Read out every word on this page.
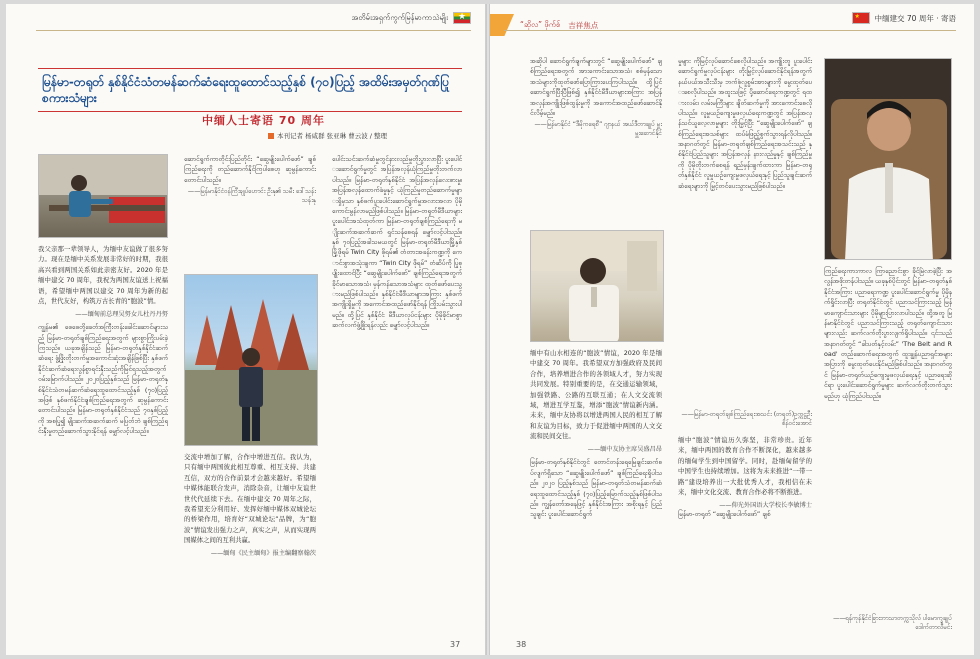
အတိမ်းအရှက်ကွက်မြန်မာကာသဲမျိုး
★
မြန်မာ-တရုတ် နှစ်နိုင်ငံသံတမန်ဆက်ဆံရေးထူထောင်သည့်နှစ် (၇၀)ပြည့် အထိမ်းအမှတ်ဂုဏ်ပြု စကားသံများ
中缅人士寄语 70 周年
本刊记者 杨咸群 张亚琳 曹云波 / 整理
我父亲那一辈领导人，为缅中友谊做了很多努力。现在是缅中关系发展非常好的时期，我很高兴看到两国关系如此亲密友好。2020 年是缅中建交 70 周年，我祝为两国友谊送上祝福语，希望缅中两国以建交 70 周年为新的起点，世代友好，构筑万古长青的“胞波”情。
——缅甸前总理吴努女儿杜丹丹努
ကျွန်မ၏ ဖေဖေတို့ခေတ်အကြီးတန်းခေါင်းဆောင်များသည် မြန်မာ-တရုတ်ချစ်ကြည်ရေးအတွက် များစွာကြိုးပမ်းခဲ့ကြသည်။ ယခုအချိန်သည် မြန်မာ-တရုတ်နှစ်နိုင်ငံဆက်ဆံရေး ဖွံ့ဖြိုးတိုးတက်မှုအကောင်းဆုံးအချိန်ဖြစ်ပြီး နှစ်ဖက်နိုင်ငံဆက်ဆံရေးလွန်စွာရင်းနှီးသည်ကိုမြင်ရသည့်အတွက် ဝမ်းမြောက်ပါသည်။ ၂၀၂၀ပြည့်နှစ်သည် မြန်မာ-တရုတ်နှစ်နိုင်ငံသံတမန်ဆက်ဆံရေးထူထောင်သည့်နှစ် (၇၀)ပြည့်အဖြစ် နှစ်ဖက်နိုင်ငံချစ်ကြည်ရေးအတွက် ဆုမွန်ကောင်းတောင်းပါသည်။ မြန်မာ-တရုတ်နှစ်နိုင်ငံသည် ၇၀နှစ်ပြည့်ကို အစပြု၍ မျိုးဆက်အဆက်ဆက် မပြတ်ဘဲ ချစ်ကြည်ရင်းနှီးမှုတည်ဆောက်သွားနိုင်ရန် မျှော်လင့်ပါသည်။
ဆောင်ရွက်ကာတိုင်းပြည်တိုင်း “ဆွေမျိုးပေါက်ဖော်” ချစ်ကြည်ရေးကို တည်ဆောက်နိုင်ကြပါစေဟု ဆုမွန်ကောင်းတောင်းပါသည်။
——မြန်မာနိုင်ငံဝန်ကြီးချုပ်ဟောင်း ဦးနု၏ သမီး ဒေါ်သန်းသန်းနု
交流中增加了解，合作中增进互信。我认为，只有缅中两国彼此相互尊重、相互支持、共建互信，双方的合作前景才会越来越好。希望缅中媒体能联合发声，消除杂音，让缅中友谊世世代代延续下去。在缅中建交 70 周年之际，我希望充分利用好、发挥好缅中媒体双城论坛的桥梁作用，培育好“双城论坛”品牌，为“胞波”情谊发出强力之声，真实之声，从而实现两国媒体之间的互利共赢。
——缅甸《民主缅甸》报主编翻察翰茨
ပေါင်းသင်းဆက်ဆံမှုတွင်နားလည်မှုတိုးပွားလာပြီး ပူးပေါင်းဆောင်ရွက်မှုတွင် အပြန်အလှန်ယုံကြည်မှုတိုးတက်လာပါသည်။ မြန်မာ-တရုတ်နှစ်နိုင်ငံ အပြန်အလှန်လေးစားမှု၊ အပြန်အလှန်ထောက်ခံမှုနှင့် ယုံကြည်မှုတည်ဆောက်မှုများရှိမှသာ နှစ်ဖက်ပူးပေါင်းဆောင်ရွက်မှုအလားအလာ ပိုမိုကောင်းမွန်လာမည်ဖြစ်ပါသည်။ မြန်မာ-တရုတ်မီဒီယာများ ပူးပေါင်းအသံထုတ်ကာ မြန်မာ-တရုတ်ချစ်ကြည်ရေးကို မျိုးဆက်အဆက်ဆက် ရှင်သန်စေရန် မျှော်လင့်ပါသည်။ နှစ် ၇၀ပြည့်အခါသမယတွင် မြန်မာ-တရုတ်မီဒီယာမြို့နှစ်မြို့ဖိုရမ် Twin City ဖိုရမ်၏ တံတားအခန်းကဏ္ဍကို ကောင်းစွာအသုံးချကာ “Twin City ဖိုရမ်” တံဆိပ်ကို ပြုစုပျိုးထောင်ပြီး “ဆွေမျိုးပေါက်ဖော်” ချစ်ကြည်ရေးအတွက် ခိုင်မာသောအသံ၊ မှန်ကန်သောအသံများ ထုတ်ဖော်ပေးသွားမည်ဖြစ်ပါသည်။ နှစ်နိုင်ငံမီဒီယာများအကြား နှစ်ဖက်အကျိုးရှိမှုကို အကောင်အထည်ဖော်နိုင်ရန် ကြိုးပမ်းသွားပါမည်။ ထို့ပြင် နှစ်နိုင်ငံ မီဒီယာလုပ်ငန်းများ ပိုမိုခိုင်မာစွာ ဆက်လက်ဖွံ့ဖြိုးရန်လည်း မျှော်လင့်ပါသည်။
37
“ဆိုလ” ဖိုက်စ် 吉祥焦点
★
中缅建交 70 周年 · 寄语
အဆိုပါ ဆောင်ရွက်ချက်များတွင် “ဆွေမျိုးပေါက်ဖော်” ချစ်ကြည်ရေးအတွက် အားကောင်းသောအသံ၊ စစ်မှန်သောအသံများကိုထုတ်ဖော်ပြောကြားပေးကြပါသည်။ ထို့ပြင် ဆောင်ရွက်ပြီးပြီဖြစ်၍ နှစ်နိုင်ငံမီဒီယာများအကြား အပြန်အလှန်အကျိုးဖြစ်ထွန်းမှုကို အကောင်အထည်ဖော်ဆောင်နိုင်လိမ့်မည်။
——မြန်မာနိုင်ငံ “ဒီမိုကရေစီ” ဂျာနယ် အယ်ဒီတာချုပ် မှူးမှူးဆောင်နိုင်
缅中有山水相连的“胞波”情谊，2020 年是缅中建交 70 周年。我希望双方加强政府及民间合作，培养增进合作的各领域人才，努力实现共同发展。特别重要的是，在交通运输领域，加强铁路、公路的互联互通；在人文交流领域，增进互学互鉴，增添“胞波”情谊新内涵。未来，缅中友协将以增进两国人民的相互了解和友谊为目标，致力于促进缅中两国的人文交流和民间交往。
——缅中友协主席吴盛昌昂
မြန်မာ-တရုတ်နှစ်နိုင်ငံတွင် တောင်တန်းရေမြေချင်းဆက်စပ်လျက်ရှိသော “ဆွေမျိုးပေါက်ဖော်” ချစ်ကြည်ရေးရှိပါသည်။ ၂၀၂၀ ပြည့်နှစ်သည် မြန်မာ-တရုတ်သံတမန်ဆက်ဆံရေးထူထောင်သည့်နှစ် (၇၀)ပြည့်မြောက်သည့်နှစ်ဖြစ်ပါသည်။ ကျွန်တော်အနေဖြင့် နှစ်နိုင်ငံအကြား အစိုးရနှင့် ပြည်သူချင်း ပူးပေါင်းဆောင်ရွက်
မှုများ ကိုမြင့်လုပ်ဆောင်စေလိုပါသည်။ အကျိုးတူ ပူးပေါင်းဆောင်ရွက်မှုလုပ်ငန်းများ တိုးမြှင့်လုပ်ဆောင်နိုင်ရန်အတွက် နယ်ပယ်အသီးသီးမှ ဘက်စုံလူစွမ်းအားများကို မွေးထုတ်ပေးစေလိုပါသည်။ အထူးသဖြင့် ပို့ဆောင်ရေးကဏ္ဍတွင် ရထားလမ်း၊ လမ်းမကြီးများ ချိတ်ဆက်မှုကို အားကောင်းစေလိုပါသည်။ လူမှုယဉ်ကျေးမှုဖလှယ်ရေးကဏ္ဍတွင် အပြန်အလှန်သင်ယူလေ့လာမှုများ တိုးမြှင့်ပြီး “ဆွေမျိုးပေါက်ဖော်” ချစ်ကြည်ရေးအသစ်များ ထပ်မံဖြည့်စွက်သွားရန်လိုပါသည်။ အနာဂတ်တွင် မြန်မာ-တရုတ်ချစ်ကြည်ရေးအသင်းသည် နှစ်နိုင်ငံပြည်သူများ အပြန်အလှန် နားလည်မှုနှင့် ချစ်ကြည်မှုကို ပိုမိုတိုးတက်စေရန် ရည်မှန်းချက်ထားကာ မြန်မာ-တရုတ်နှစ်နိုင်ငံ လူမှုယဉ်ကျေးမှုဖလှယ်ရေးနှင့် ပြည်သူချင်းဆက်ဆံရေးများကို မြှင့်တင်ပေးသွားမည်ဖြစ်ပါသည်။
——မြန်မာ-တရုတ်ချစ်ကြည်ရေးအသင်း (တရုတ်)ဥက္ကဋ္ဌဦးစိန်ဝင်းအောင်
缅中“胞波”情谊历久弥坚，非常珍贵。近年来，缅中两国的教育合作不断深化，越来越多的缅甸学生到中国留学。同时，赴缅甸留学的中国学生也持续增加。这将为未来推进“一带一路”建设培养出一大批优秀人才，我相信在未来，缅中文化交流、教育合作必将不断推进。
——仰光外国语大学校长李敏博士
မြန်မာ-တရုတ် “ဆွေမျိုးပေါက်ဖော်” ချစ်
ကြည်ရေးကားကာလ ကြာညောင်းစွာ ခိုင်မြဲလာခဲ့ပြီး အလွန်အဖိုးတန်ပါသည်။ ယခုနှစ်ပိုင်းတွင် မြန်မာ-တရုတ်နှစ်နိုင်ငံအကြား ပညာရေးကဏ္ဍ ပူးပေါင်းဆောင်ရွက်မှု ပိုမိုနက်ရှိုင်းလာပြီး တရုတ်နိုင်ငံတွင် ပညာသင်ကြားသည့် မြန်မာကျောင်းသားများ ပိုမိုများပြားလာပါသည်။ ထို့အတူ မြန်မာနိုင်ငံတွင် ပညာသင်ကြားသည့် တရုတ်ကျောင်းသားများလည်း ဆက်လက်တိုးပွားလျက်ရှိပါသည်။ ၎င်းသည် အနာဂတ်တွင် “ခါးပတ်နှင့်လမ်း” 'The Belt and Road' တည်ဆောက်ရေးအတွက် ထူးချွန်ပညာရှင်အများအပြားကို မွေးထုတ်ပေးနိုင်မည်ဖြစ်ပါသည်။ အနာဂတ်တွင် မြန်မာ-တရုတ်ယဉ်ကျေးမှုဖလှယ်ရေးနှင့် ပညာရေးဆိုင်ရာ ပူးပေါင်းဆောင်ရွက်မှုများ ဆက်လက်တိုးတက်သွားမည်ဟု ယုံကြည်ပါသည်။
——ရန်ကုန်နိုင်ငံခြားဘာသာတက္ကသိုလ် ပါမောက္ခချုပ် ဒေါက်တာလီမင်း
38
